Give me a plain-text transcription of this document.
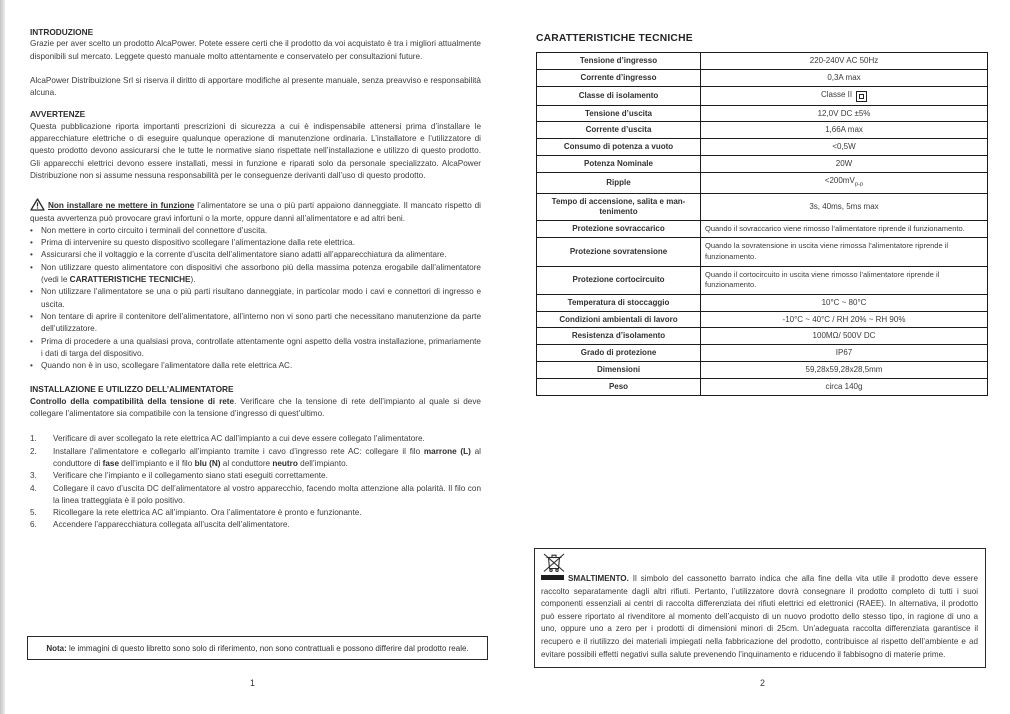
INTRODUZIONE

Grazie per aver scelto un prodotto AlcaPower. Potete essere certi che il prodotto da voi acquistato è tra i migliori attualmente disponibili sul mercato. Leggete questo manuale molto attentamente e conservatelo per consultazioni future.

AlcaPower Distribuizione Srl si riserva il diritto di apportare modifiche al presente manuale, senza preavviso e responsabilità alcuna.

AVVERTENZE

Questa pubblicazione riporta importanti prescrizioni di sicurezza a cui è indispensabile attenersi prima d’installare le apparecchiature elettriche o di eseguire qualunque operazione di manutenzione ordinaria. L’installatore e l’utilizzatore di questo prodotto devono assicurarsi che le tutte le normative siano rispettate nell’installazione e utilizzo di questo prodotto. Gli apparecchi elettrici devono essere installati, messi in funzione e riparati solo da personale specializzato. AlcaPower Distribuzione non si assume nessuna responsabilità per le conseguenze derivanti dall’uso di questo prodotto.

Non installare ne mettere in funzione l’alimentatore se una o più parti appaiono danneggiate. Il mancato rispetto di questa avvertenza può provocare gravi infortuni o la morte, oppure danni all’alimentatore e ad altri beni.

• Non mettere in corto circuito i terminali del connettore d’uscita.
• Prima di intervenire su questo dispositivo scollegare l’alimentazione dalla rete elettrica.
• Assicurarsi che il voltaggio e la corrente d’uscita dell’alimentatore siano adatti all’apparecchiatura da alimentare.
• Non utilizzare questo alimentatore con dispositivi che assorbono più della massima potenza erogabile dall’alimentatore (vedi le CARATTERISTICHE TECNICHE).
• Non utilizzare l’alimentatore se una o più parti risultano danneggiate, in particolar modo i cavi e connettori di ingresso e uscita.
• Non tentare di aprire il contenitore dell’alimentatore, all’interno non vi sono parti che necessitano manutenzione da parte dell’utilizzatore.
• Prima di procedere a una qualsiasi prova, controllate attentamente ogni aspetto della vostra installazione, primariamente i dati di targa del dispositivo.
• Quando non è in uso, scollegare l’alimentatore dalla rete elettrica AC.
INSTALLAZIONE E UTILIZZO DELL’ALIMENTATORE

Controllo della compatibilità della tensione di rete. Verificare che la tensione di rete dell’impianto al quale si deve collegare l’alimentatore sia compatibile con la tensione d’ingresso di quest’ultimo.

1.	Verificare di aver scollegato la rete elettrica AC dall’impianto a cui deve essere collegato l’alimentatore.
2.	Installare l’alimentatore e collegarlo all’impianto tramite i cavo d’ingresso rete AC: collegare il filo marrone (L) al conduttore di fase dell’impianto e il filo blu (N) al conduttore neutro dell’impianto.
3.	Verificare che l’impianto e il collegamento siano stati eseguiti correttamente.
4.	Collegare il cavo d’uscita DC dell’alimentatore al vostro apparecchio, facendo molta attenzione alla polarità. Il filo con la linea tratteggiata è il polo positivo.
5.	Ricollegare la rete elettrica AC all’impianto. Ora l’alimentatore è pronto e funzionante.
6.	Accendere l’apparecchiatura collegata all’uscita dell’alimentatore.
Nota: le immagini di questo libretto sono solo di riferimento, non sono contrattuali e possono differire dal prodotto reale.
1
CARATTERISTICHE TECNICHE
Tensione d’ingresso	220-240V AC 50Hz
Corrente d’ingresso	0,3A max
Classe di isolamento	Classe II

Tensione d’uscita	12,0V DC ±5%
Corrente d’uscita	1,66A max
Consumo di potenza a vuoto	<0,5W
Potenza Nominale	20W
Ripple	$<200mV_{p-p}$
Tempo di accensione, salita e mantenimento	3s, 40ms, 5ms max
Protezione sovraccarico	Quando il sovraccarico viene rimosso l’alimentatore riprende il funzionamento.
Protezione sovratensione	Quando la sovratensione in uscita viene rimossa l’alimentatore riprende il funzionamento.
Protezione cortocircuito	Quando il cortocircuito in uscita viene rimosso l’alimentatore riprende il funzionamento.
Temperatura di stoccaggio	10°C ~ 80°C
Condizioni ambientali di lavoro	-10°C ~ 40°C / RH 20% ~ RH 90%
Resistenza d’isolamento	100MΩ/ 500V DC
Grado di protezione	IP67
Dimensioni	59,28x59,28x28,5mm
Peso	circa 140g

SMALTIMENTO. Il simbolo del cassonetto barrato indica che alla fine della vita utile il prodotto deve essere raccolto separatamente dagli altri rifiuti. Pertanto, l’utilizzatore dovrà consegnare il prodotto completo di tutti i suoi componenti essenziali ai centri di raccolta differenziata dei rifiuti elettrici ed elettronici (RAEE). In alternativa, il prodotto può essere riportato al rivenditore al momento dell’acquisto di un nuovo prodotto dello stesso tipo, in ragione di uno a uno, oppure uno a zero per i prodotti di dimensioni minori di 25cm. Un’adeguata raccolta differenziata garantisce il recupero e il riutilizzo dei materiali impiegati nella fabbricazione del prodotto, contribuisce al rispetto dell’ambiente e ad evitare possibili effetti negativi sulla salute prevenendo l’inquinamento e riducendo il fabbisogno di materie prime.

2
